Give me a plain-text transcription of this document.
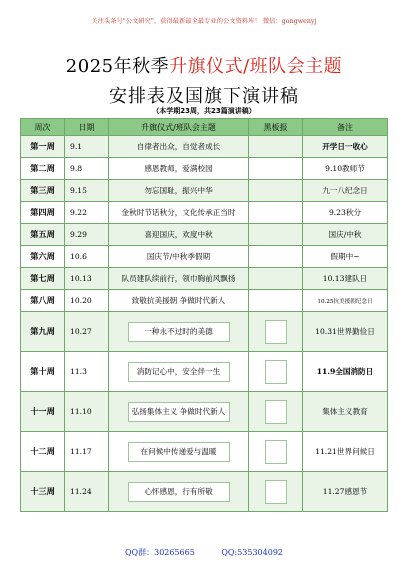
关注头条号"公文研究"，获得最新最全最专业的公文资料库！ 微信：gongwenyj
2025年秋季升旗仪式/班队会主题
安排表及国旗下演讲稿
（本学期23周，共23篇演讲稿）
周次	日期	升旗仪式/班队会主题	黑板报	备注
第一周	9.1	自律者出众，自觉者成长		开学日一收心
第二周	9.8	感恩教师，爱满校园		9.10教师节
第三周	9.15	勿忘国耻，振兴中华		九一八纪念日
第四周	9.22	金秋时节话秋分，文化传承正当时		9.23秋分
第五周	9.29	喜迎国庆，欢度中秋		国庆/中秋
第六周	10.6	国庆节/中秋季假期		假期中~
第七周	10.13	队员建队续前行，领巾胸前风飘扬		10.13建队日
第八周	10.20	致敬抗美援朝 争做时代新人		10.25抗美援朝纪念日
第九周	10.27	一种永不过时的美德		10.31世界勤俭日
第十周	11.3	消防记心中，安全伴一生		11.9全国消防日
十一周	11.10	弘扬集体主义 争做时代新人		集体主义教育
十二周	11.17	在问候中传递爱与温暖		11.21世界问候日
十三周	11.24	心怀感恩，行有所敬		11.27感恩节
QQ群：30265665	QQ:535304092
